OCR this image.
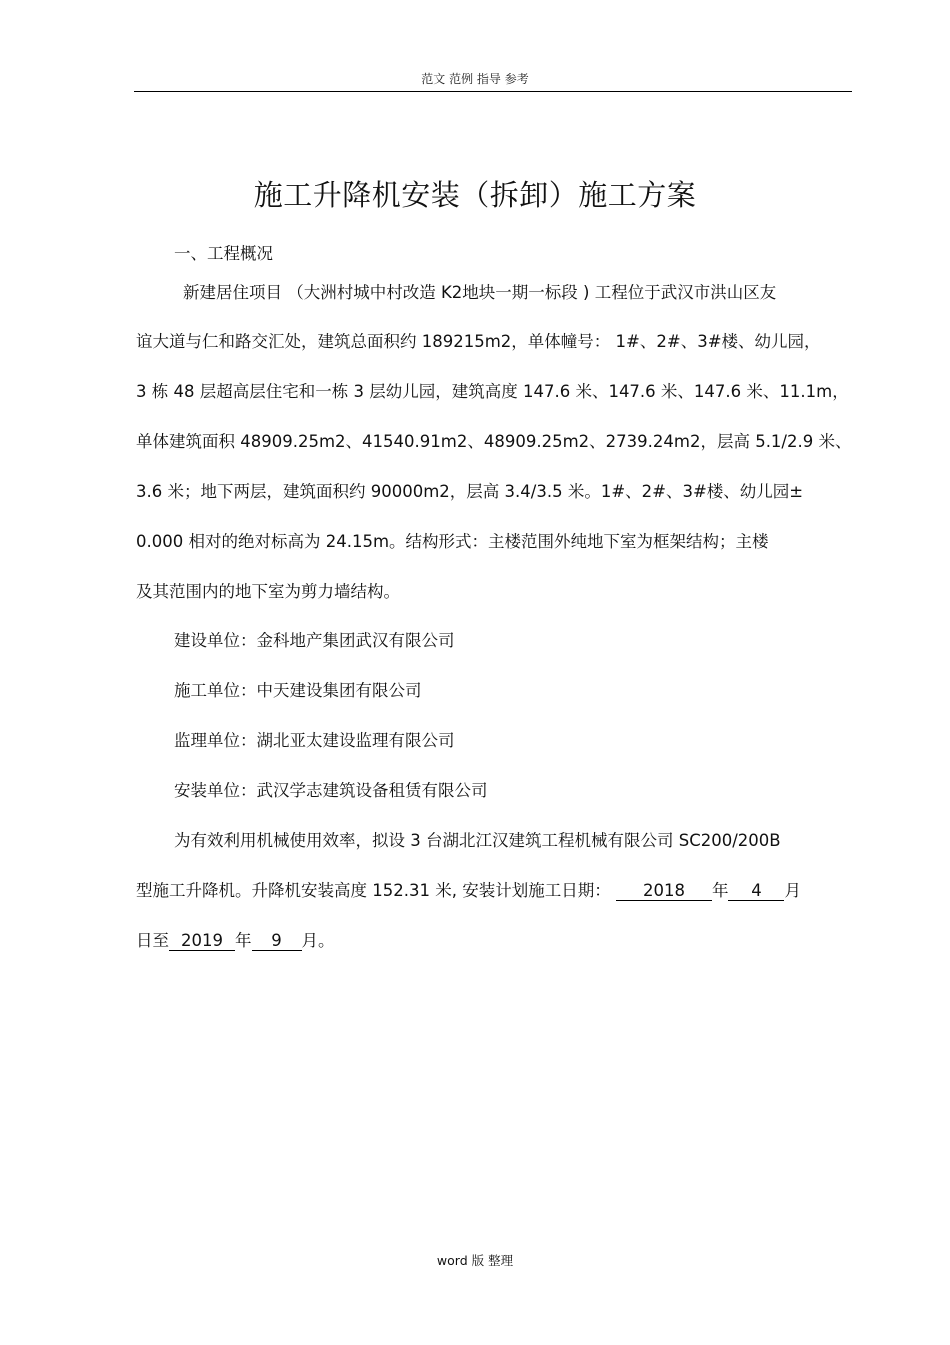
范文 范例 指导 参考
施工升降机安装（拆卸）施工方案
一、工程概况
新建居住项目 （大洲村城中村改造 K2地块一期一标段 ) 工程位于武汉市洪山区友
谊大道与仁和路交汇处，建筑总面积约 189215m2，单体幢号： 1#、2#、3#楼、幼儿园，
3 栋 48 层超高层住宅和一栋 3 层幼儿园，建筑高度 147.6 米、147.6 米、147.6 米、11.1m，
单体建筑面积 48909.25m2、41540.91m2、48909.25m2、2739.24m2，层高 5.1/2.9 米、
3.6 米；地下两层，建筑面积约 90000m2，层高 3.4/3.5 米。1#、2#、3#楼、幼儿园±
0.000 相对的绝对标高为 24.15m。结构形式：主楼范围外纯地下室为框架结构；主楼
及其范围内的地下室为剪力墙结构。
建设单位：金科地产集团武汉有限公司
施工单位：中天建设集团有限公司
监理单位：湖北亚太建设监理有限公司
安装单位：武汉学志建筑设备租赁有限公司
为有效利用机械使用效率，拟设 3 台湖北江汉建筑工程机械有限公司 SC200/200B
型施工升降机。升降机安装高度 152.31 米, 安装计划施工日期： 2018 年 4 月
日至 2019 年 9 月。
word 版 整理
